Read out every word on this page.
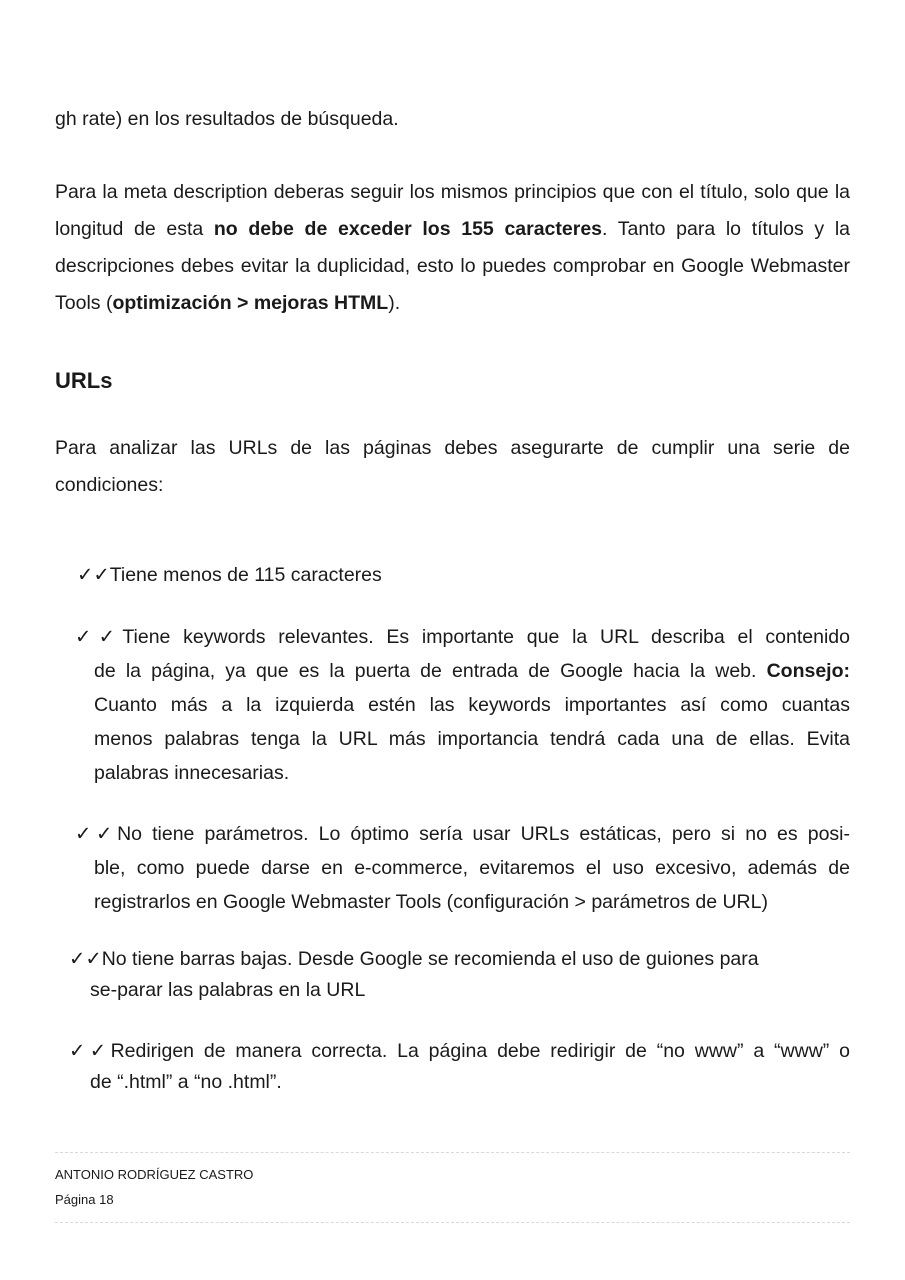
gh rate) en los resultados de búsqueda.

Para la meta description deberas seguir los mismos principios que con el título, solo que la longitud de esta no debe de exceder los 155 caracteres. Tanto para lo títulos y la descripciones debes evitar la duplicidad, esto lo puedes comprobar en Google Webmaster Tools (optimización > mejoras HTML).

URLs

Para analizar las URLs de las páginas debes asegurarte de cumplir una serie de condiciones:

✓✓Tiene menos de 115 caracteres
✓✓Tiene keywords relevantes. Es importante que la URL describa el contenido
de la página, ya que es la puerta de entrada de Google hacia la web. Consejo:
Cuanto más a la izquierda estén las keywords importantes así como cuantas
menos palabras tenga la URL más importancia tendrá cada una de ellas. Evita
palabras innecesarias.
✓✓No tiene parámetros. Lo óptimo sería usar URLs estáticas, pero si no es posi-
ble, como puede darse en e-commerce, evitaremos el uso excesivo, además de
registrarlos en Google Webmaster Tools (configuración > parámetros de URL)
✓✓No tiene barras bajas. Desde Google se recomienda el uso de guiones para
se-parar las palabras en la URL
✓✓Redirigen de manera correcta. La página debe redirigir de “no www” a “www” o
de “.html” a “no .html”.
ANTONIO RODRÍGUEZ CASTRO
Página 18
